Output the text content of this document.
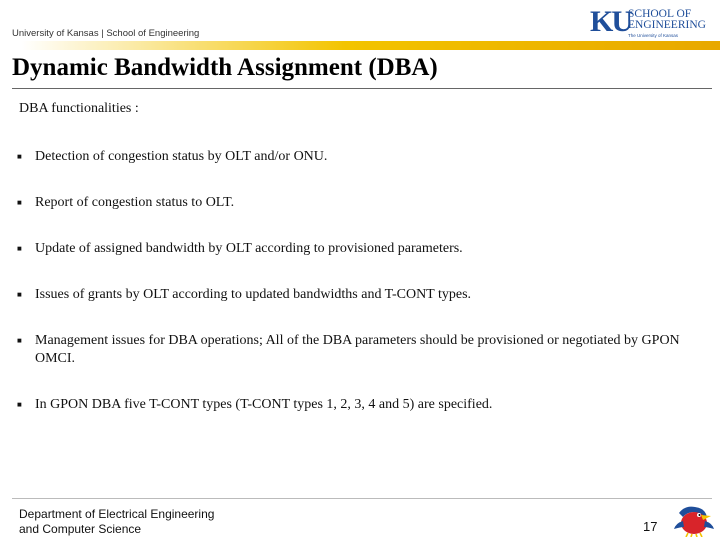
University of Kansas | School of Engineering	KU
SCHOOL OF
ENGINEERING
The University of Kansas
Dynamic Bandwidth Assignment (DBA)
DBA functionalities :
■ Detection of congestion status by OLT and/or ONU.
■ Report of congestion status to OLT.
■ Update of assigned bandwidth by OLT according to provisioned parameters.
■ Issues of grants by OLT according to updated bandwidths and T-CONT types.
■ Management issues for DBA operations; All of the DBA parameters should be provisioned or negotiated by GPON OMCI.
■ In GPON DBA five T-CONT types (T-CONT types 1, 2, 3, 4 and 5) are specified.
Department of Electrical Engineering
and Computer Science	17
